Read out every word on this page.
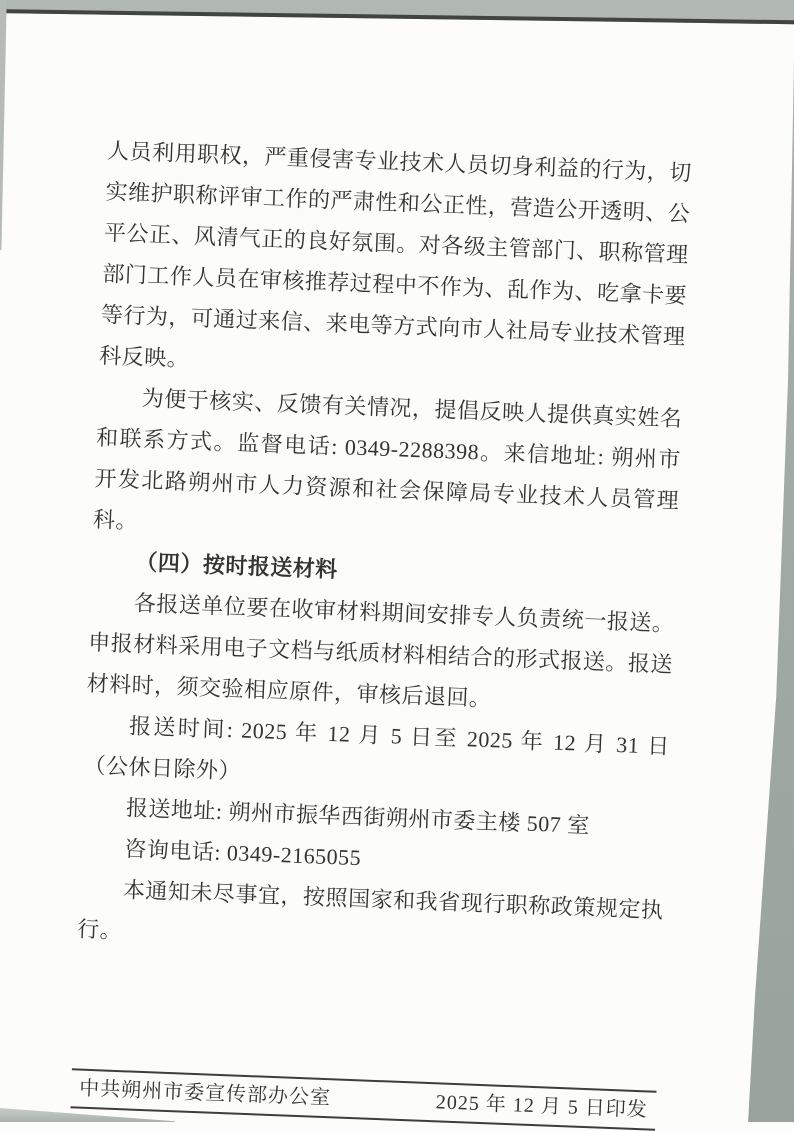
人员利用职权，严重侵害专业技术人员切身利益的行为，切实维护职称评审工作的严肃性和公正性，营造公开透明、公平公正、风清气正的良好氛围。对各级主管部门、职称管理部门工作人员在审核推荐过程中不作为、乱作为、吃拿卡要等行为，可通过来信、来电等方式向市人社局专业技术管理科反映。

为便于核实、反馈有关情况，提倡反映人提供真实姓名和联系方式。监督电话: 0349-2288398。来信地址: 朔州市开发北路朔州市人力资源和社会保障局专业技术人员管理科。

（四）按时报送材料

各报送单位要在收审材料期间安排专人负责统一报送。申报材料采用电子文档与纸质材料相结合的形式报送。报送材料时，须交验相应原件，审核后退回。

报送时间: 2025 年 12 月 5 日至 2025 年 12 月 31 日（公休日除外）

报送地址: 朔州市振华西街朔州市委主楼 507 室

咨询电话: 0349-2165055

本通知未尽事宜，按照国家和我省现行职称政策规定执行。

中共朔州市委宣传部办公室	2025 年 12 月 5 日印发
